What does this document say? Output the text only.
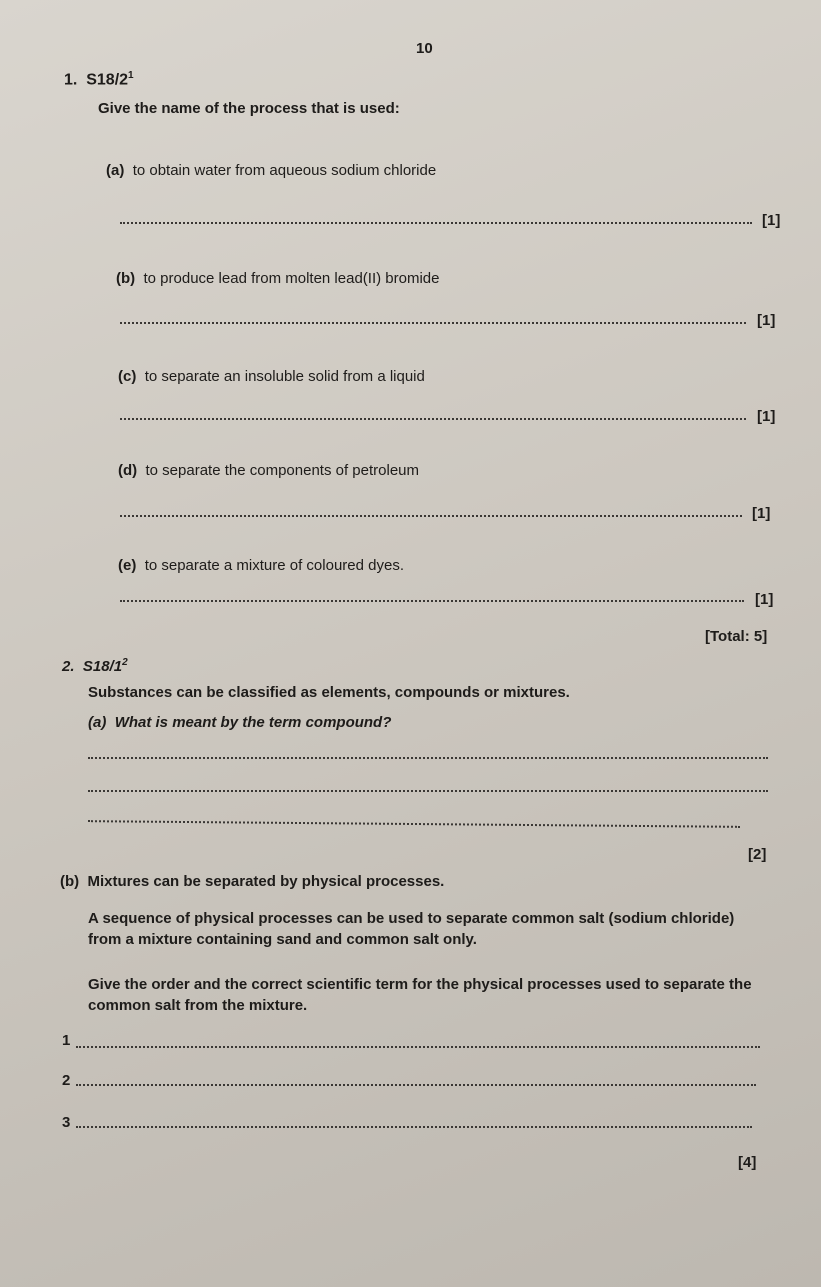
10
1. $S18/2^1$
Give the name of the process that is used:
(a) to obtain water from aqueous sodium chloride
[1]
(b) to produce lead from molten lead(II) bromide
[1]
(c) to separate an insoluble solid from a liquid
[1]
(d) to separate the components of petroleum
[1]
(e) to separate a mixture of coloured dyes.
[1]
[Total: 5]
2. $S18/1^2$
Substances can be classified as elements, compounds or mixtures.
(a) What is meant by the term compound?
[2]
(b) Mixtures can be separated by physical processes.
A sequence of physical processes can be used to separate common salt (sodium chloride)
from a mixture containing sand and common salt only.
Give the order and the correct scientific term for the physical processes used to separate the
common salt from the mixture.
1
2
3
[4]
